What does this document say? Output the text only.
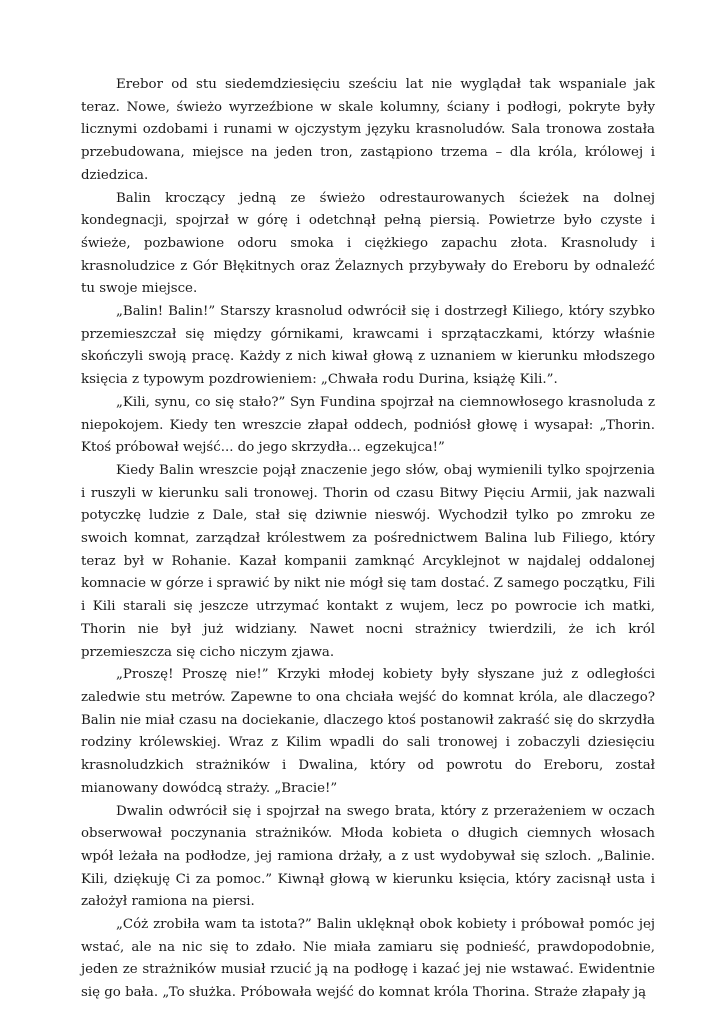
Erebor od stu siedemdziesięciu sześciu lat nie wyglądał tak wspaniale jak teraz. Nowe, świeżo wyrzeźbione w skale kolumny, ściany i podłogi, pokryte były licznymi ozdobami i runami w ojczystym języku krasnoludów. Sala tronowa została przebudowana, miejsce na jeden tron, zastąpiono trzema – dla króla, królowej i dziedzica.

Balin kroczący jedną ze świeżo odrestaurowanych ścieżek na dolnej kondegnacji, spojrzał w górę i odetchnął pełną piersią. Powietrze było czyste i świeże, pozbawione odoru smoka i ciężkiego zapachu złota. Krasnoludy i krasnoludzice z Gór Błękitnych oraz Żelaznych przybywały do Ereboru by odnaleźć tu swoje miejsce.

„Balin! Balin!” Starszy krasnolud odwrócił się i dostrzegł Kiliego, który szybko przemieszczał się między górnikami, krawcami i sprzątaczkami, którzy właśnie skończyli swoją pracę. Każdy z nich kiwał głową z uznaniem w kierunku młodszego księcia z typowym pozdrowieniem: „Chwała rodu Durina, książę Kili.”.

„Kili, synu, co się stało?” Syn Fundina spojrzał na ciemnowłosego krasnoluda z niepokojem. Kiedy ten wreszcie złapał oddech, podniósł głowę i wysapał: „Thorin. Ktoś próbował wejść... do jego skrzydła... egzekujca!”

Kiedy Balin wreszcie pojął znaczenie jego słów, obaj wymienili tylko spojrzenia i ruszyli w kierunku sali tronowej. Thorin od czasu Bitwy Pięciu Armii, jak nazwali potyczkę ludzie z Dale, stał się dziwnie nieswój. Wychodził tylko po zmroku ze swoich komnat, zarządzał królestwem za pośrednictwem Balina lub Filiego, który teraz był w Rohanie. Kazał kompanii zamknąć Arcyklejnot w najdalej oddalonej komnacie w górze i sprawić by nikt nie mógł się tam dostać. Z samego początku, Fili i Kili starali się jeszcze utrzymać kontakt z wujem, lecz po powrocie ich matki, Thorin nie był już widziany. Nawet nocni strażnicy twierdzili, że ich król przemieszcza się cicho niczym zjawa.

„Proszę! Proszę nie!” Krzyki młodej kobiety były słyszane już z odległości zaledwie stu metrów. Zapewne to ona chciała wejść do komnat króla, ale dlaczego? Balin nie miał czasu na dociekanie, dlaczego ktoś postanowił zakraść się do skrzydła rodziny królewskiej. Wraz z Kilim wpadli do sali tronowej i zobaczyli dziesięciu krasnoludzkich strażników i Dwalina, który od powrotu do Ereboru, został mianowany dowódcą straży. „Bracie!”

Dwalin odwrócił się i spojrzał na swego brata, który z przerażeniem w oczach obserwował poczynania strażników. Młoda kobieta o długich ciemnych włosach wpół leżała na podłodze, jej ramiona drżały, a z ust wydobywał się szloch. „Balinie. Kili, dziękuję Ci za pomoc.” Kiwnął głową w kierunku księcia, który zacisnął usta i założył ramiona na piersi.

„Cóż zrobiła wam ta istota?” Balin uklęknął obok kobiety i próbował pomóc jej wstać, ale na nic się to zdało. Nie miała zamiaru się podnieść, prawdopodobnie, jeden ze strażników musiał rzucić ją na podłogę i kazać jej nie wstawać. Ewidentnie się go bała. „To służka. Próbowała wejść do komnat króla Thorina. Straże złapały ją
